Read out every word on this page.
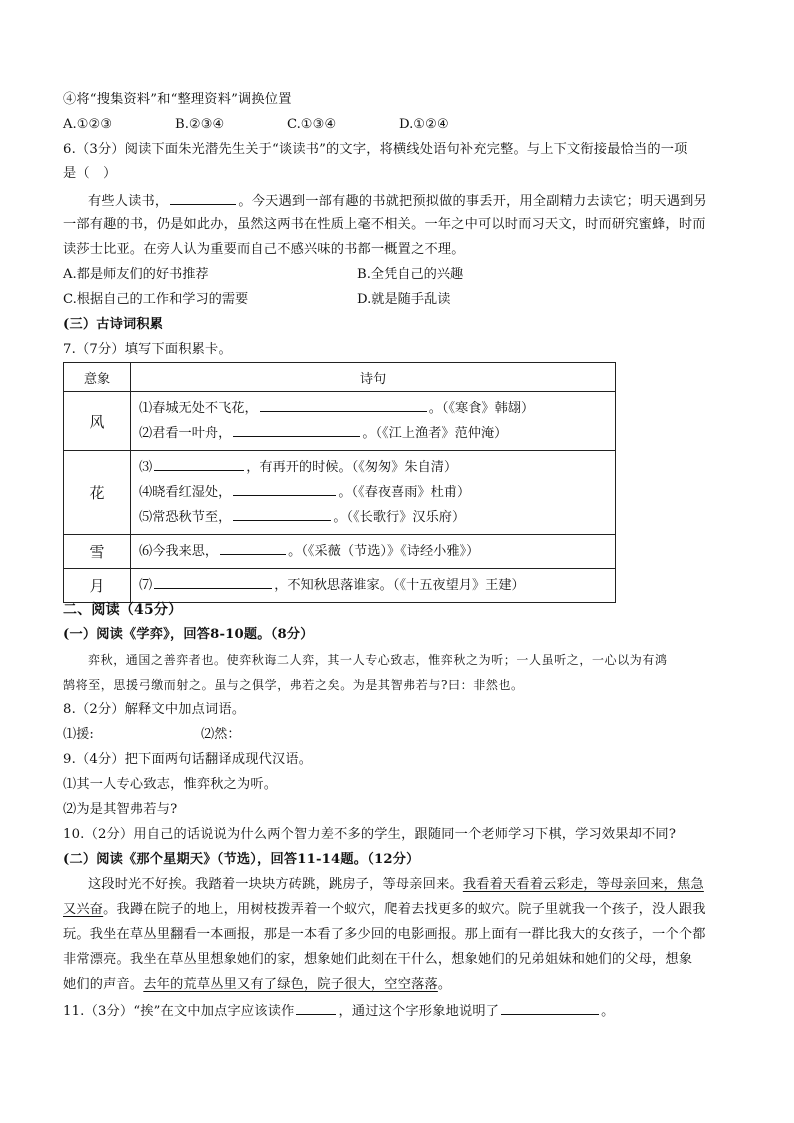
④将“搜集资料”和“整理资料”调换位置
A.①②③	B.②③④	C.①③④	D.①②④
6.（3分）阅读下面朱光潜先生关于“谈读书”的文字，将横线处语句补充完整。与上下文衔接最恰当的一项
是（　）
有些人读书，	。今天遇到一部有趣的书就把预拟做的事丢开，用全副精力去读它；明天遇到另
一部有趣的书，仍是如此办，虽然这两书在性质上毫不相关。一年之中可以时而习天文，时而研究蜜蜂，时而
读莎士比亚。在旁人认为重要而自己不感兴味的书都一概置之不理。
A.都是师友们的好书推荐	B.全凭自己的兴趣
C.根据自己的工作和学习的需要	D.就是随手乱读
(三）古诗词积累
7.（7分）填写下面积累卡。
意象	诗句
风	⑴春城无处不飞花， 。（《寒食》韩翃）
⑵君看一叶舟， 。（《江上渔者》范仲淹）

花	⑶ ，有再开的时候。（《匆匆》朱自清）
⑷晓看红湿处， 。（《春夜喜雨》杜甫）
⑸常恐秋节至， 。（《长歌行》汉乐府）

雪	⑹今我来思， 。（《采薇（节选）》《诗经小雅》）

月	⑺ ，不知秋思落谁家。（《十五夜望月》王建）
二、阅读（45分）
(一）阅读《学弈》，回答8-10题。（8分）
弈秋，通国之善弈者也。使弈秋诲二人弈，其一人专心致志，惟弈秋之为听；一人虽听之，一心以为有鸿
鹄将至，思援弓缴而射之。虽与之俱学，弗若之矣。为是其智弗若与?曰：非然也。
8.（2分）解释文中加点词语。
⑴援:	⑵然：
9.（4分）把下面两句话翻译成现代汉语。
⑴其一人专心致志，惟弈秋之为听。
⑵为是其智弗若与?
10.（2分）用自己的话说说为什么两个智力差不多的学生，跟随同一个老师学习下棋，学习效果却不同?
(二）阅读《那个星期天》（节选），回答11-14题。（12分）
这段时光不好挨。我踏着一块块方砖跳，跳房子，等母亲回来。我看着天看着云彩走，等母亲回来，焦急
又兴奋。我蹲在院子的地上，用树枝拨弄着一个蚁穴，爬着去找更多的蚁穴。院子里就我一个孩子，没人跟我
玩。我坐在草丛里翻看一本画报，那是一本看了多少回的电影画报。那上面有一群比我大的女孩子，一个个都
非常漂亮。我坐在草丛里想象她们的家，想象她们此刻在干什么，想象她们的兄弟姐妹和她们的父母，想象
她们的声音。去年的荒草丛里又有了绿色，院子很大，空空落落。
11.（3分）“挨”在文中加点字应该读作	，通过这个字形象地说明了	。
